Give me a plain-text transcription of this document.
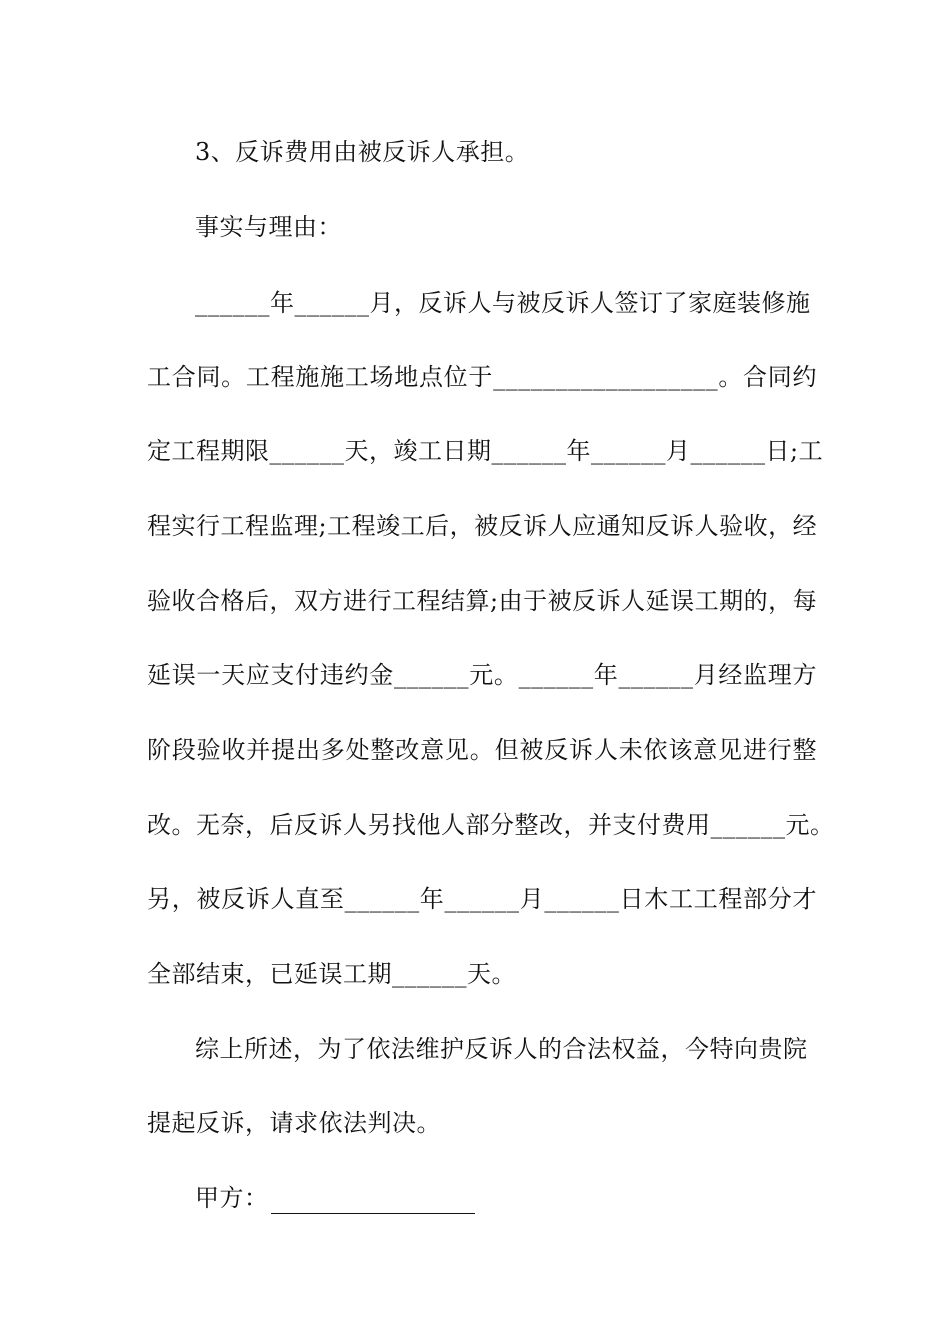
3、反诉费用由被反诉人承担。
事实与理由：
______年______月，反诉人与被反诉人签订了家庭装修施
工合同。工程施施工场地点位于__________________。合同约
定工程期限______天，竣工日期______年______月______日;工
程实行工程监理;工程竣工后，被反诉人应通知反诉人验收，经
验收合格后，双方进行工程结算;由于被反诉人延误工期的，每
延误一天应支付违约金______元。______年______月经监理方
阶段验收并提出多处整改意见。但被反诉人未依该意见进行整
改。无奈，后反诉人另找他人部分整改，并支付费用______元。
另，被反诉人直至______年______月______日木工工程部分才
全部结束，已延误工期______天。
综上所述，为了依法维护反诉人的合法权益，今特向贵院
提起反诉，请求依法判决。
甲方：
